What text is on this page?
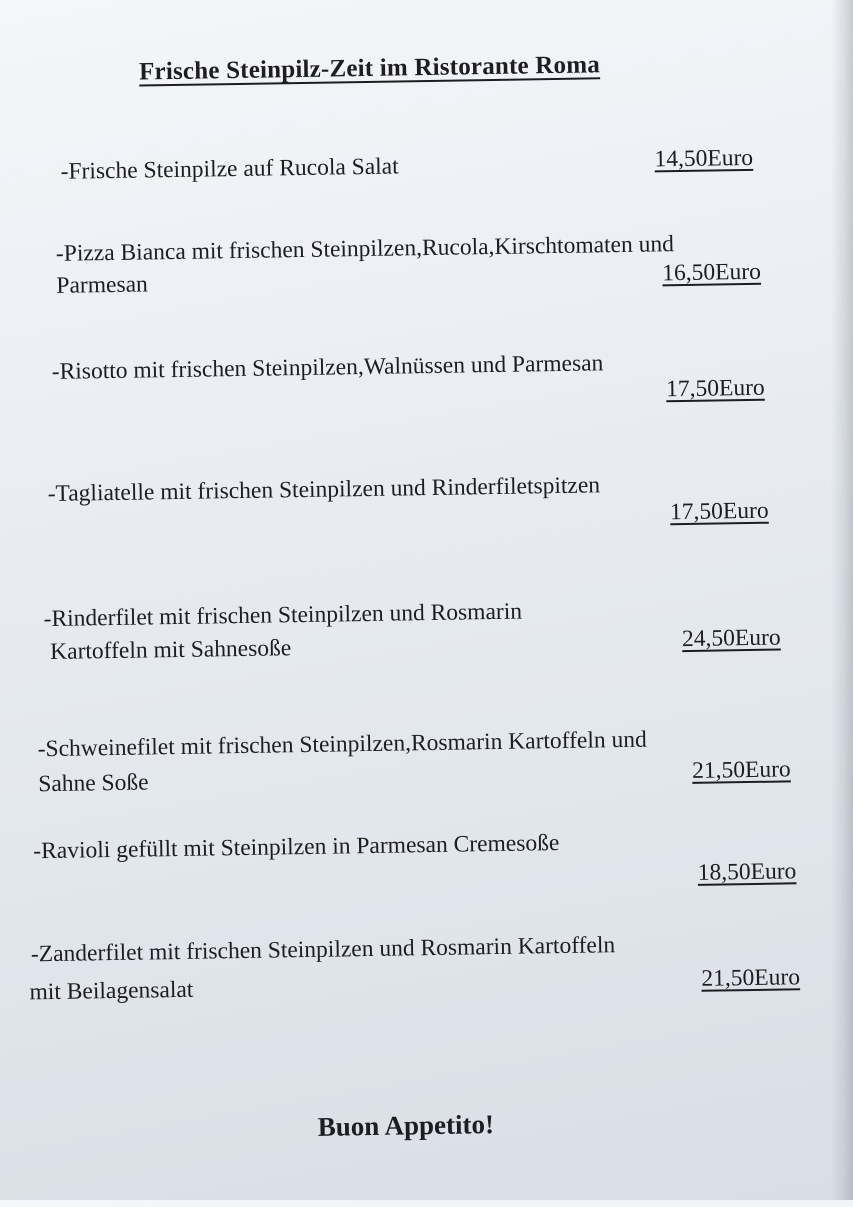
Frische Steinpilz-Zeit im Ristorante Roma
-Frische Steinpilze auf Rucola Salat	14,50Euro
-Pizza Bianca mit frischen Steinpilzen,Rucola,Kirschtomaten und
Parmesan	16,50Euro
-Risotto mit frischen Steinpilzen,Walnüssen und Parmesan
17,50Euro
-Tagliatelle mit frischen Steinpilzen und Rinderfiletspitzen
17,50Euro
-Rinderfilet mit frischen Steinpilzen und Rosmarin
Kartoffeln mit Sahnesoße	24,50Euro
-Schweinefilet mit frischen Steinpilzen,Rosmarin Kartoffeln und
Sahne Soße	21,50Euro
-Ravioli gefüllt mit Steinpilzen in Parmesan Cremesoße
18,50Euro
-Zanderfilet mit frischen Steinpilzen und Rosmarin Kartoffeln
mit Beilagensalat	21,50Euro
Buon Appetito!
